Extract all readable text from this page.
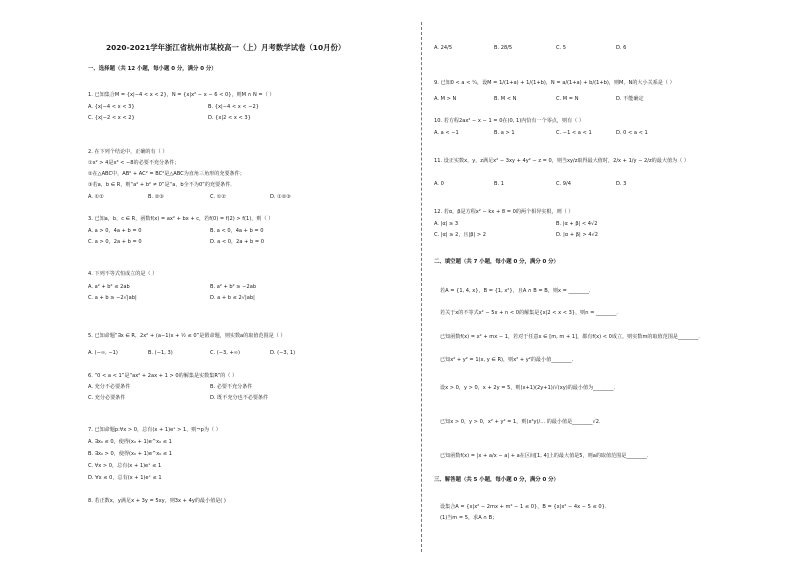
2020-2021学年浙江省杭州市某校高一（上）月考数学试卷（10月份）
一、选择题（共 12 小题，每小题 0 分，满分 0 分）
1. 已知集合M = {x|−4 < x < 2}，N = {x|x² − x − 6 < 0}，则M ∩ N =（ ）
A. {x|−4 < x < 3}	B. {x|−4 < x < −2}
C. {x|−2 < x < 2}	D. {x|2 < x < 3}
2. 在下列个结论中，正确的有（ ）
①x² > 4是x³ < −8的必要不充分条件；
②在△ABC中，AB² + AC² = BC²是△ABC为直角三角形的充要条件；
③若a，b ∈ R，则“a² + b² ≠ 0”是“a，b全不为0”的充要条件．
A. ①②	B. ②③	C. ①②	D. ①②③
3. 已知a，b，c ∈ R，函数f(x) = ax² + bx + c，若f(0) = f(2) > f(1)，则（ ）
A. a > 0，4a + b = 0	B. a < 0，4a + b = 0
C. a > 0，2a + b = 0	D. a < 0，2a + b = 0
4. 下列不等式恒成立的是（ ）
A. a² + b² ≤ 2ab	B. a² + b² ≥ −2ab
C. a + b ≥ −2√|ab|	D. a + b ≤ 2√|ab|
5. 已知命题“∃x ∈ R，2x² + (a−1)x + ½ ≤ 0”是假命题，则实数a的取值范围是（ ）
A. (−∞, −1)	B. (−1, 3)	C. (−3, +∞)	D. (−3, 1)
6. “0 < a < 1”是“ax² + 2ax + 1 > 0的解集是实数集R”的（ ）
A. 充分不必要条件	B. 必要不充分条件
C. 充分必要条件	D. 既不充分也不必要条件
7. 已知命题p:∀x > 0，总有(x + 1)eˣ > 1，则¬p为（ ）
A. ∃x₀ ≤ 0，使得(x₀ + 1)e^x₀ ≤ 1
B. ∃x₀ > 0，使得(x₀ + 1)e^x₀ ≤ 1
C. ∀x > 0，总有(x + 1)eˣ ≤ 1
D. ∀x ≤ 0，总有(x + 1)eˣ ≤ 1
8. 若正数x，y满足x + 3y = 5xy，则3x + 4y的最小值是( )
A. 24/5	B. 28/5	C. 5	D. 6
9. 已知0 < a < ¼，设M = 1/(1+a) + 1/(1+b)，N = a/(1+a) + b/(1+b)，则M，N的大小关系是（ ）
A. M > N	B. M < N	C. M = N	D. 不能确定
10. 若方程2ax² − x − 1 = 0在(0, 1)内恰有一个零点，则有（ ）
A. a < −1	B. a > 1	C. −1 < a < 1	D. 0 < a < 1
11. 设正实数x，y，z满足x² − 3xy + 4y² − z = 0，则当xy/z取得最大值时，2/x + 1/y − 2/z的最大值为（ ）
A. 0	B. 1	C. 9/4	D. 3
12. 若α，β是方程x² − kx + 8 = 0的两个相异实根，则（ ）
A. |α| ≥ 3	B. |α + β| < 4√2
C. |α| ≥ 2，且|β| > 2	D. |α + β| > 4√2
二、填空题（共 7 小题，每小题 0 分，满分 0 分）
若A = {1, 4, x}，B = {1, x²}，且A ∩ B = B，则x = ________．
若关于x的不等式x² − 5x + n < 0的解集是{x|2 < x < 3}，则n = ________．
已知函数f(x) = x² + mx − 1，若对于任意x ∈ [m, m + 1]，都有f(x) < 0成立，则实数m的取值范围是________．
已知x² + y² = 1(x, y ∈ R)，则x² + y²的最小值________．
设x > 0，y > 0，x + 2y = 5，则(x+1)(2y+1)/√(xy)的最小值为________．
已知x > 0，y > 0，x² + y² = 1，则(x²y)/... 的最小值是________√2．
已知函数f(x) = |x + a/x − a| + a在区间[1, 4]上的最大值是5，则a的取值范围是________．
三、解答题（共 5 小题，每小题 0 分，满分 0 分）
设集合A = {x|x² − 2mx + m² − 1 ≤ 0}，B = {x|x² − 4x − 5 ≤ 0}．
(1)当m = 5，求A ∩ B；
